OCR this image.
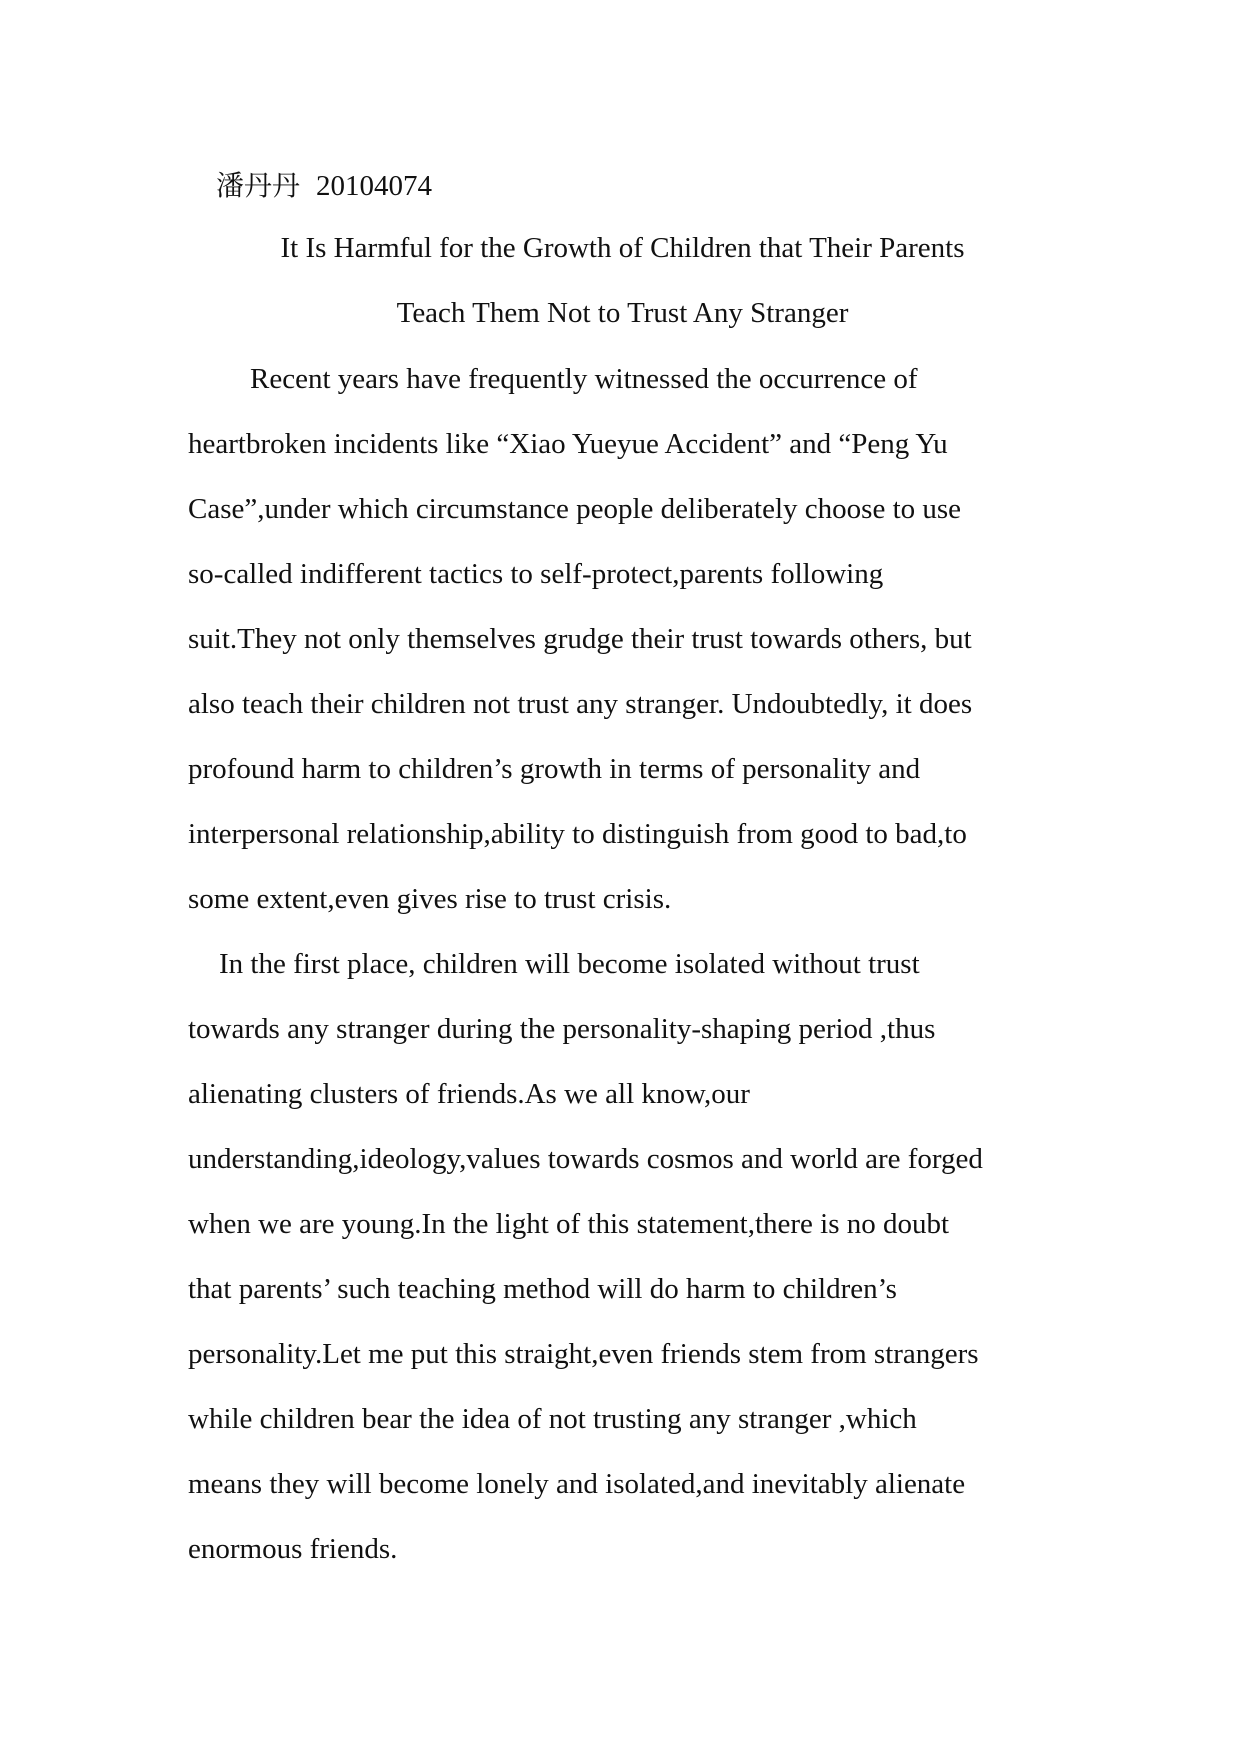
潘丹丹 20104074
It Is Harmful for the Growth of Children that Their Parents
Teach Them Not to Trust Any Stranger
Recent years have frequently witnessed the occurrence of
heartbroken incidents like “Xiao Yueyue Accident” and “Peng Yu
Case”,under which circumstance people deliberately choose to use
so-called indifferent tactics to self-protect,parents following
suit.They not only themselves grudge their trust towards others, but
also teach their children not trust any stranger. Undoubtedly, it does
profound harm to children’s growth in terms of personality and
interpersonal relationship,ability to distinguish from good to bad,to
some extent,even gives rise to trust crisis.
In the first place, children will become isolated without trust
towards any stranger during the personality-shaping period ,thus
alienating clusters of friends.As we all know,our
understanding,ideology,values towards cosmos and world are forged
when we are young.In the light of this statement,there is no doubt
that parents’ such teaching method will do harm to children’s
personality.Let me put this straight,even friends stem from strangers
while children bear the idea of not trusting any stranger ,which
means they will become lonely and isolated,and inevitably alienate
enormous friends.
